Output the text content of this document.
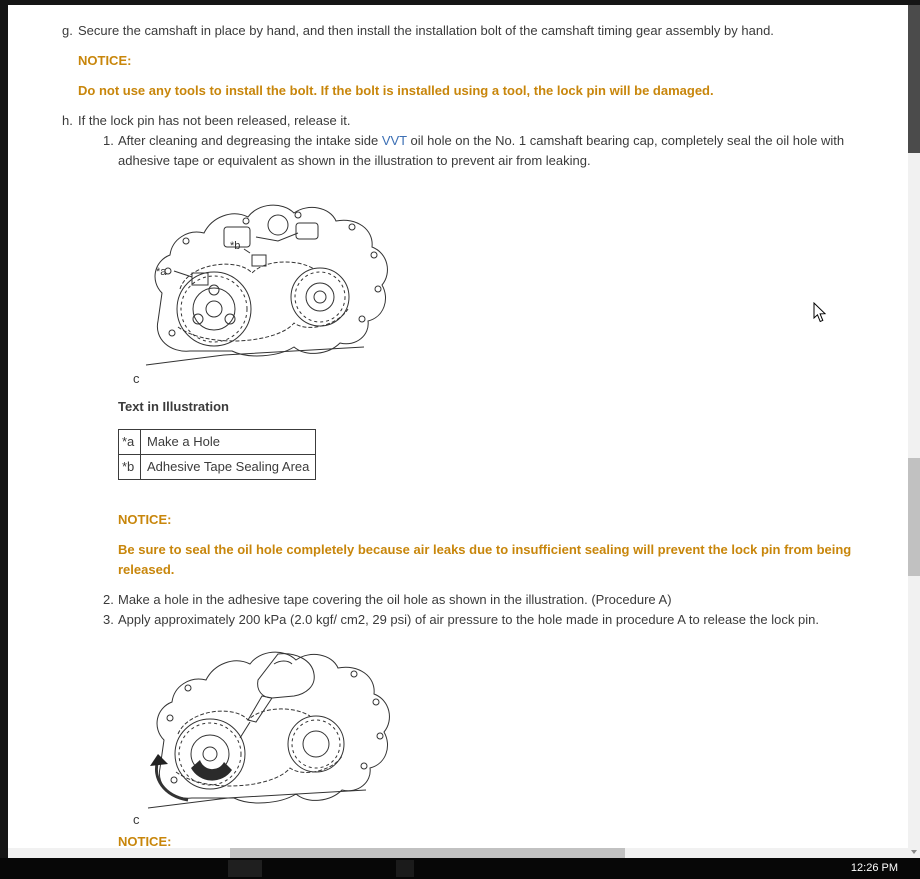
g. Secure the camshaft in place by hand, and then install the installation bolt of the camshaft timing gear assembly by hand.

NOTICE:

Do not use any tools to install the bolt. If the bolt is installed using a tool, the lock pin will be damaged.

h. If the lock pin has not been released, release it.

1. After cleaning and degreasing the intake side VVT oil hole on the No. 1 camshaft bearing cap, completely seal the oil hole with adhesive tape or equivalent as shown in the illustration to prevent air from leaking.

*a
*b
c

Text in Illustration

*a	Make a Hole
*b	Adhesive Tape Sealing Area

NOTICE:

Be sure to seal the oil hole completely because air leaks due to insufficient sealing will prevent the lock pin from being released.

2. Make a hole in the adhesive tape covering the oil hole as shown in the illustration. (Procedure A)

3. Apply approximately 200 kPa (2.0 kgf/ cm2, 29 psi) of air pressure to the hole made in procedure A to release the lock pin.

c

NOTICE:

12:26 PM
